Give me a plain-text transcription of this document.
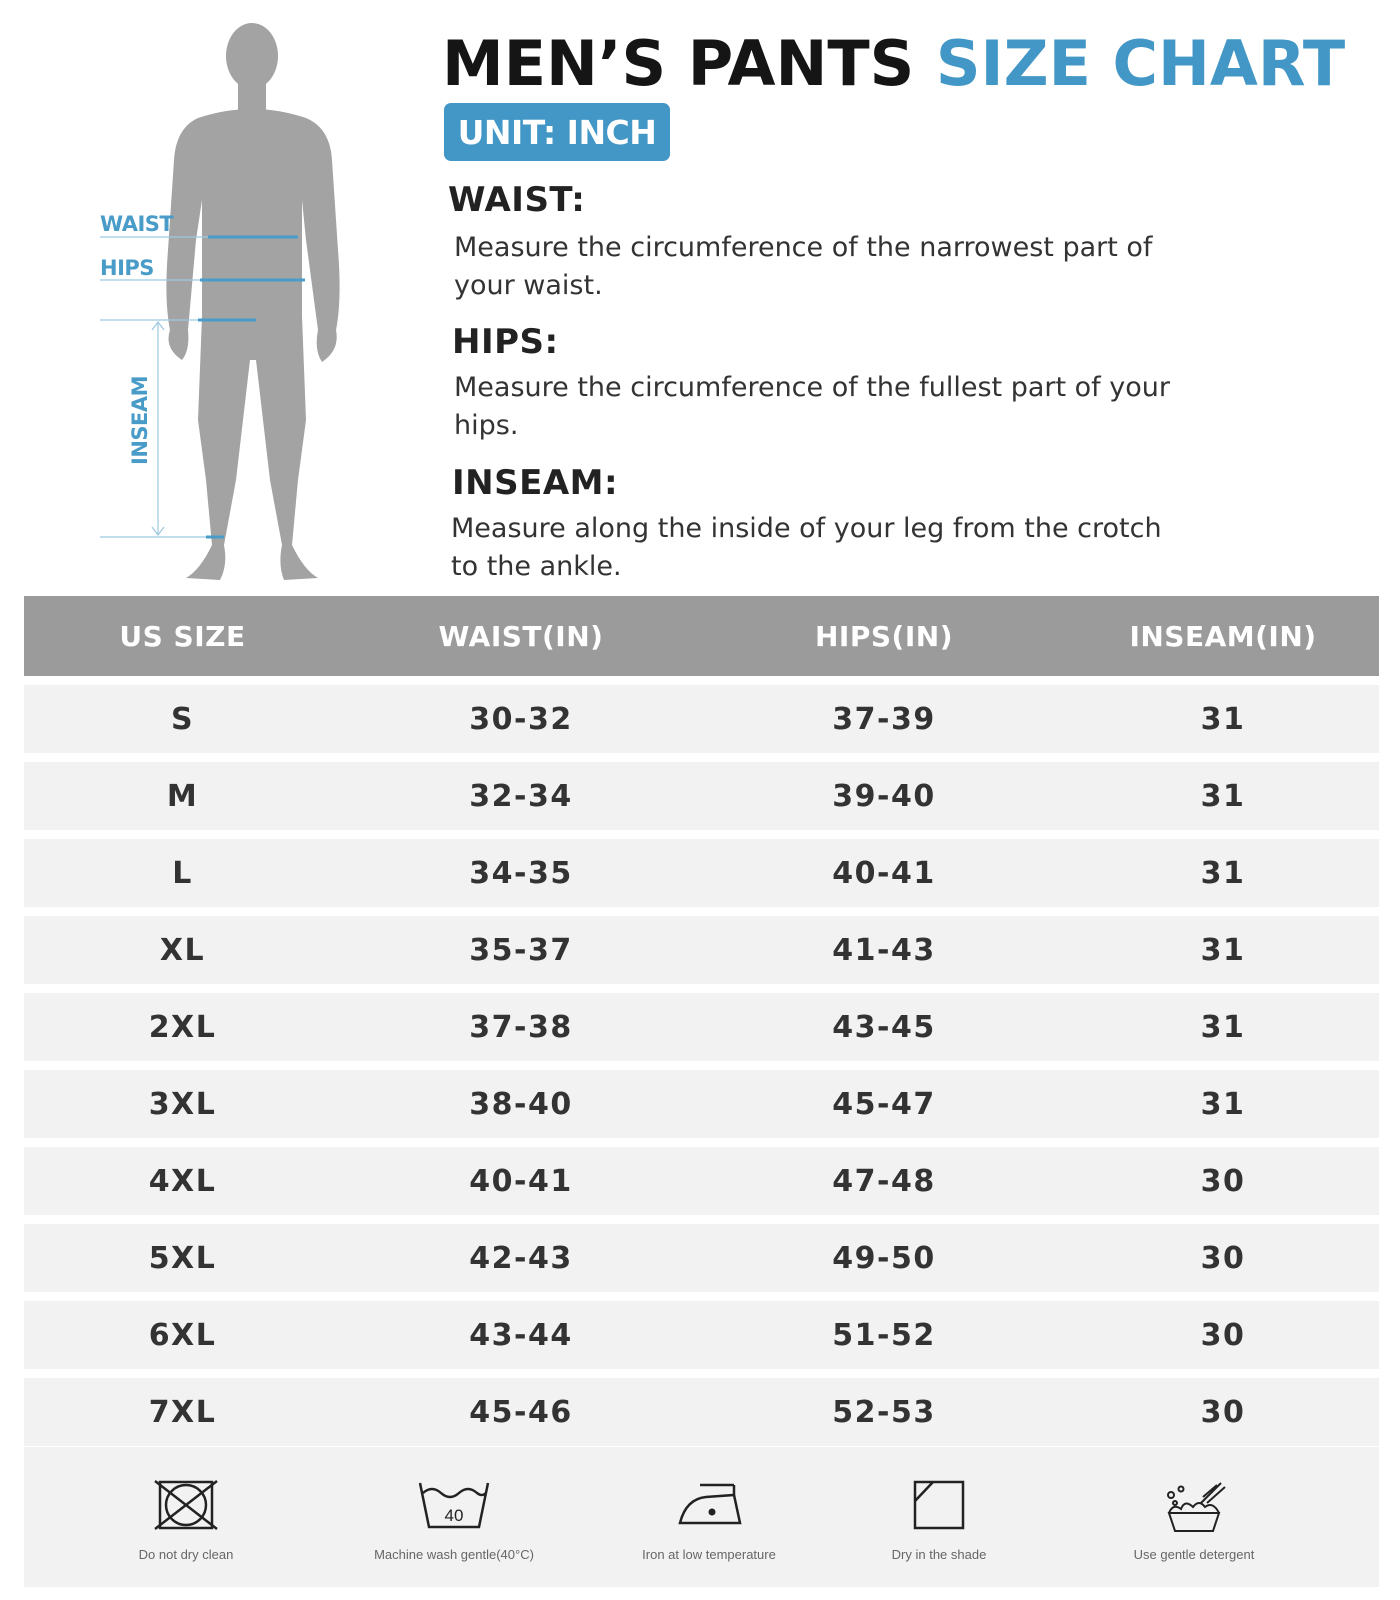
WAIST
HIPS
INSEAM
MEN’S PANTS SIZE CHART
UNIT: INCH
WAIST:
Measure the circumference of the narrowest part of
your waist.
HIPS:
Measure the circumference of the fullest part of your
hips.
INSEAM:
Measure along the inside of your leg from the crotch
to the ankle.
US SIZE	WAIST(IN)	HIPS(IN)	INSEAM(IN)
S	30-32	37-39	31
M	32-34	39-40	31
L	34-35	40-41	31
XL	35-37	41-43	31
2XL	37-38	43-45	31
3XL	38-40	45-47	31
4XL	40-41	47-48	30
5XL	42-43	49-50	30
6XL	43-44	51-52	30
7XL	45-46	52-53	30
Do not dry clean
40
Machine wash gentle(40°C)	Iron at low temperature	Dry in the shade	Use gentle detergent
